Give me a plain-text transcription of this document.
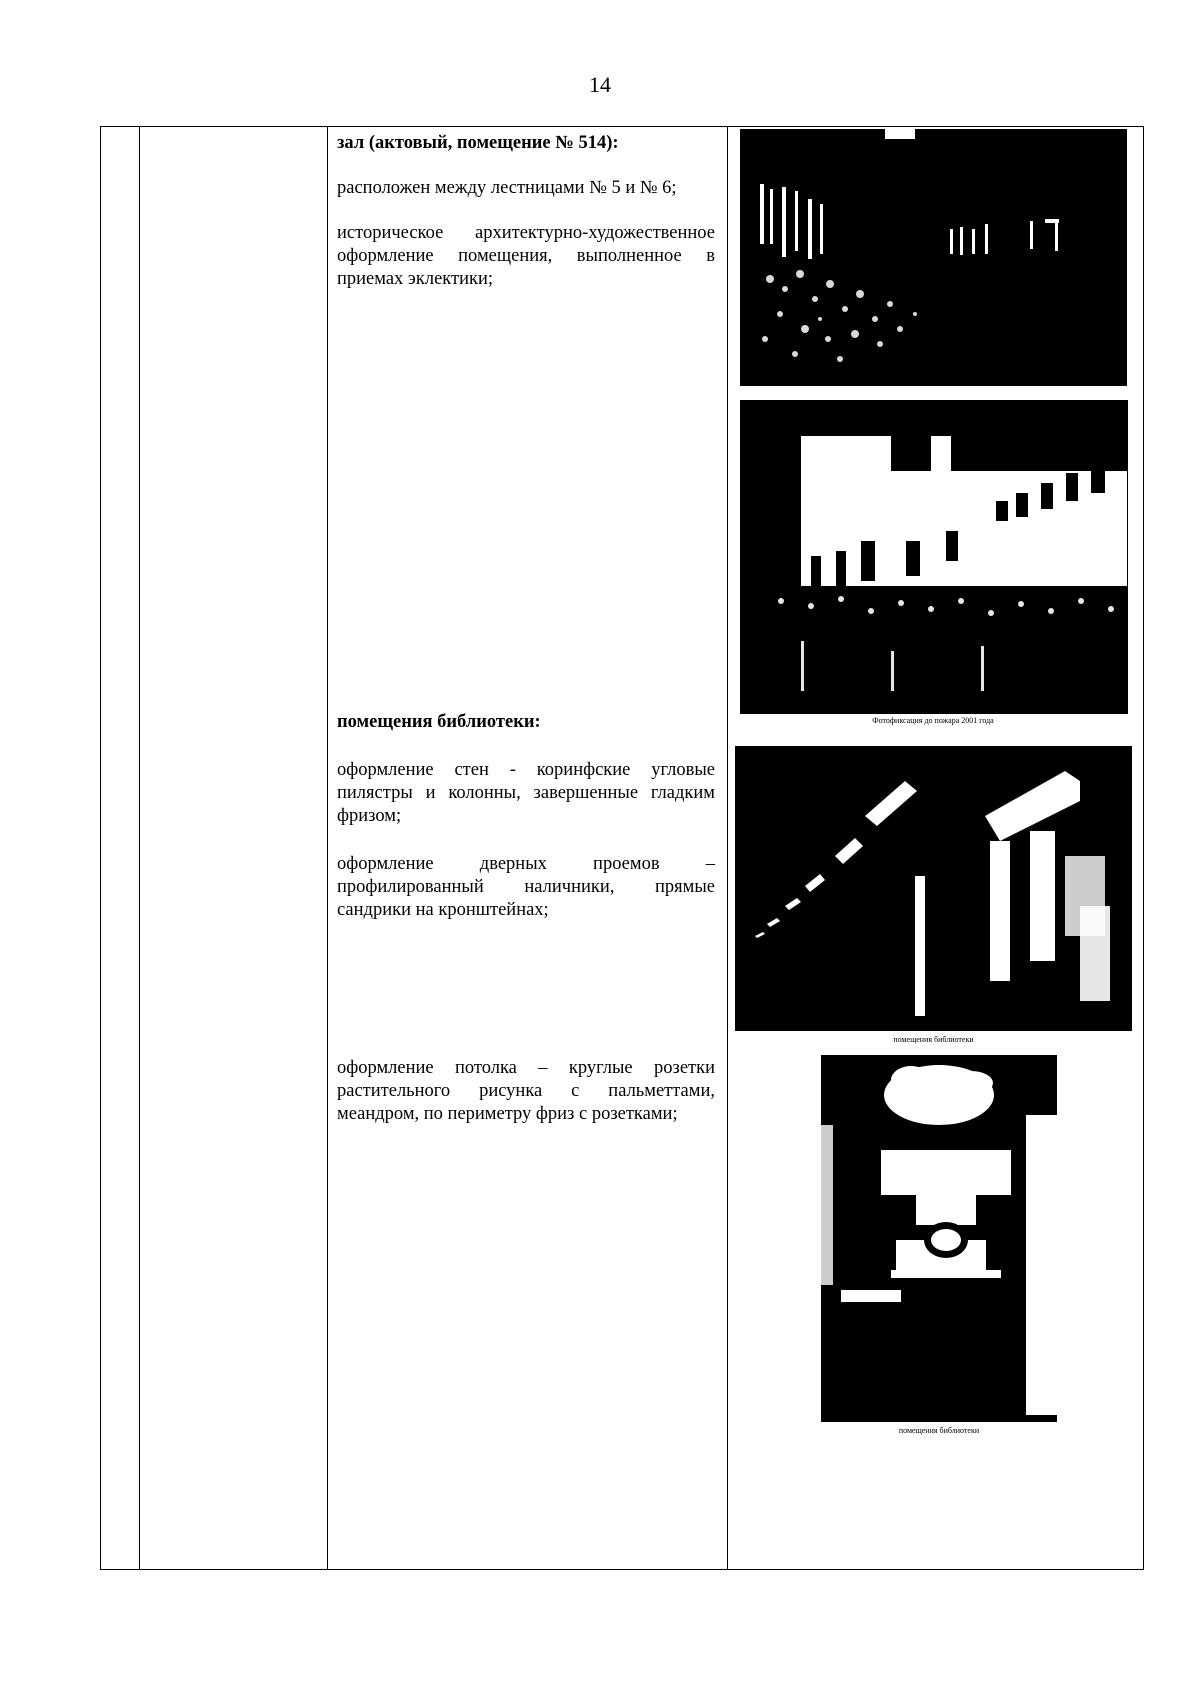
14

зал (актовый, помещение № 514):

расположен между лестницами № 5 и № 6;

историческое архитектурно-художественное оформление помещения, выполненное в приемах эклектики;

помещения библиотеки:

оформление стен - коринфские угловые пилястры и колонны, завершенные гладким фризом;

оформление дверных проемов – профилированный наличники, прямые сандрики на кронштейнах;

оформление потолка – круглые розетки растительного рисунка с пальметтами, меандром, по периметру фриз с розетками;

Фотофиксация до пожара 2001 года
помещения библиотеки
помещения библиотеки
